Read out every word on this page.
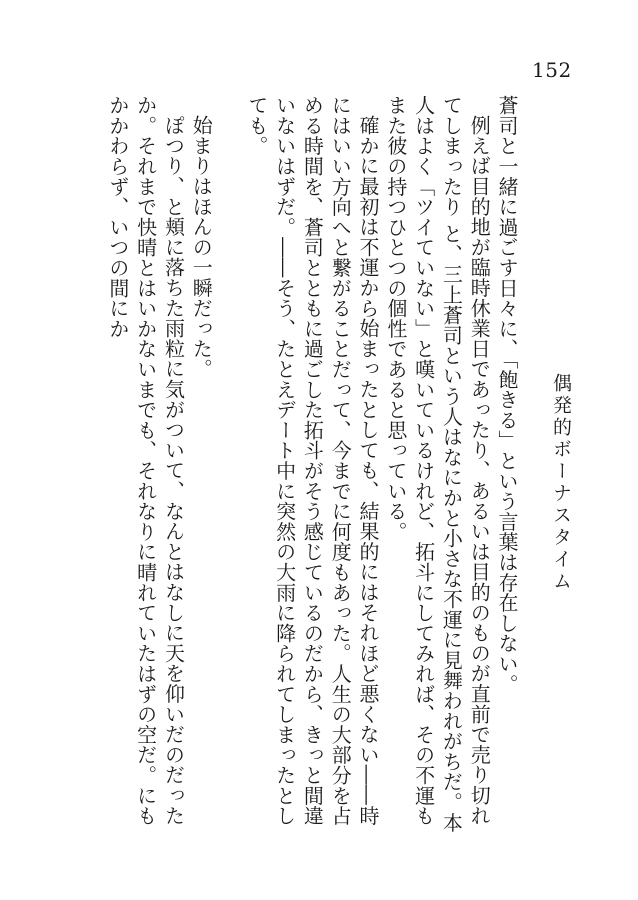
152
偶発的ボーナスタイム

蒼司と一緒に過ごす日々に、「飽きる」という言葉は存在しない。

例えば目的地が臨時休業日であったり、あるいは目的のものが直前で売り切れてしまったり と、三上蒼司という人はなにかと小さな不運に見舞われがちだ。本人はよく「ツイていない」と嘆いているけれど、拓斗にしてみれば、その不運もまた彼の持つひとつの個性であると思っている。

確かに最初は不運から始まったとしても、結果的にはそれほど悪くない――時にはいい方向へと繋がることだって、今までに何度もあった。人生の大部分を占める時間を、蒼司とともに過ごした拓斗がそう感じているのだから、きっと間違いないはずだ。――そう、たとえデート中に突然の大雨に降られてしまったとしても。

始まりはほんの一瞬だった。

ぽつり、と頬に落ちた雨粒に気がついて、なんとはなしに天を仰いだのだったか。それまで快晴とはいかないまでも、それなりに晴れていたはずの空だ。にもかかわらず、いつの間にか
